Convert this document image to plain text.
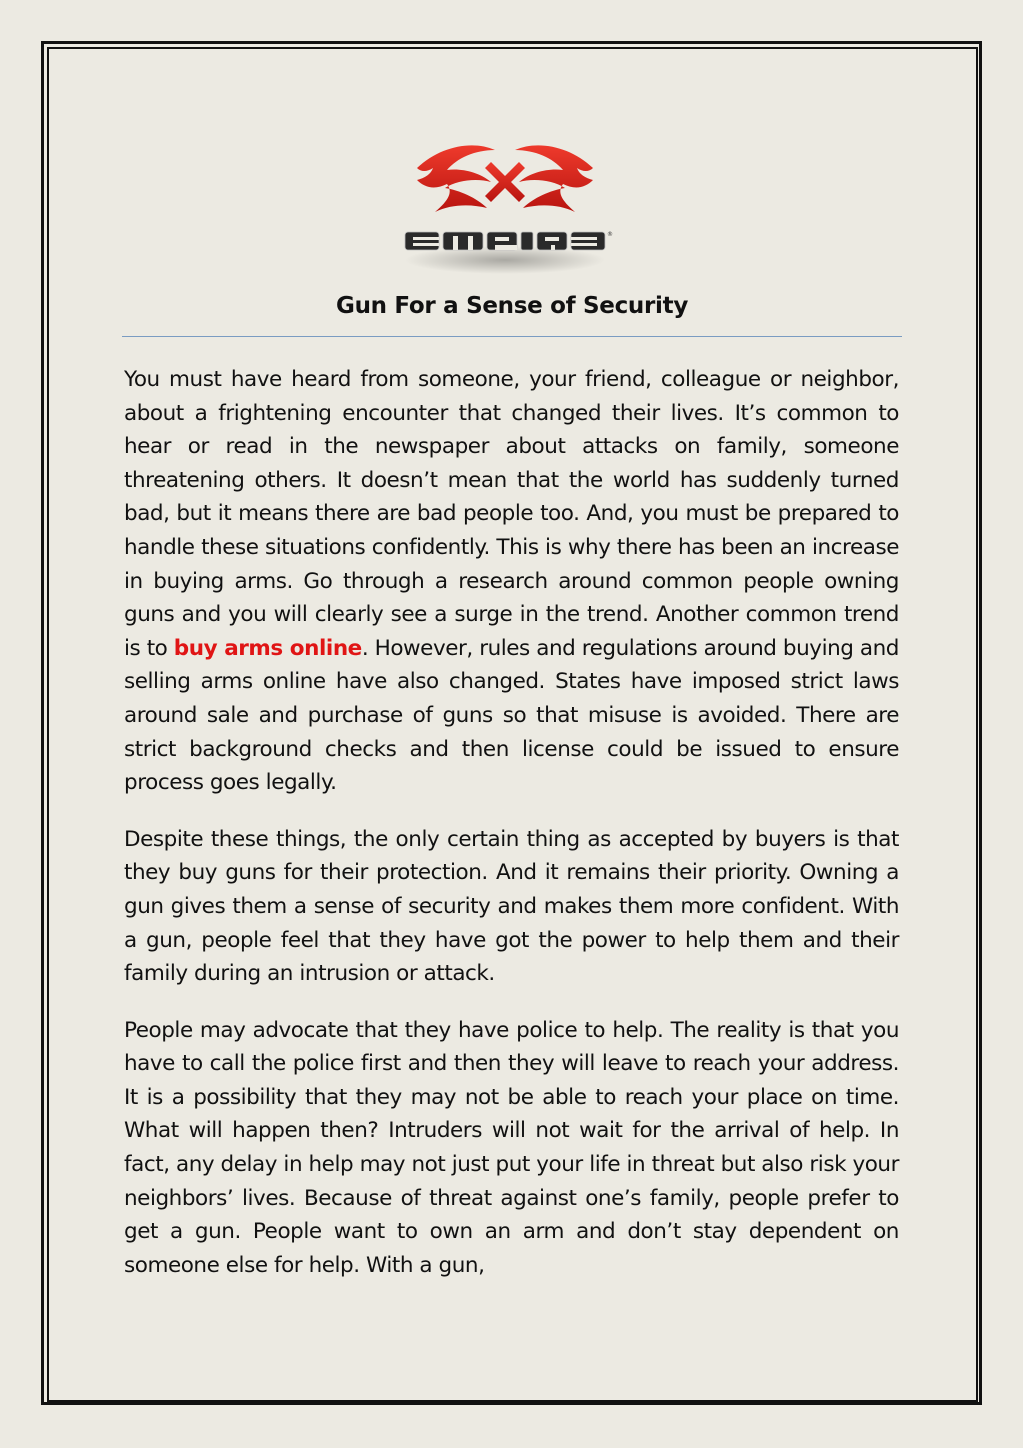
®
Gun For a Sense of Security

You must have heard from someone, your friend, colleague or neighbor, about a frightening encounter that changed their lives. It’s common to hear or read in the newspaper about attacks on family, someone threatening others. It doesn’t mean that the world has suddenly turned bad, but it means there are bad people too. And, you must be prepared to handle these situations confidently. This is why there has been an increase in buying arms. Go through a research around common people owning guns and you will clearly see a surge in the trend. Another common trend is to buy arms online. However, rules and regulations around buying and selling arms online have also changed. States have imposed strict laws around sale and purchase of guns so that misuse is avoided. There are strict background checks and then license could be issued to ensure process goes legally.

Despite these things, the only certain thing as accepted by buyers is that they buy guns for their protection. And it remains their priority. Owning a gun gives them a sense of security and makes them more confident. With a gun, people feel that they have got the power to help them and their family during an intrusion or attack.

People may advocate that they have police to help. The reality is that you have to call the police first and then they will leave to reach your address. It is a possibility that they may not be able to reach your place on time. What will happen then? Intruders will not wait for the arrival of help. In fact, any delay in help may not just put your life in threat but also risk your neighbors’ lives. Because of threat against one’s family, people prefer to get a gun. People want to own an arm and don’t stay dependent on someone else for help. With a gun,
